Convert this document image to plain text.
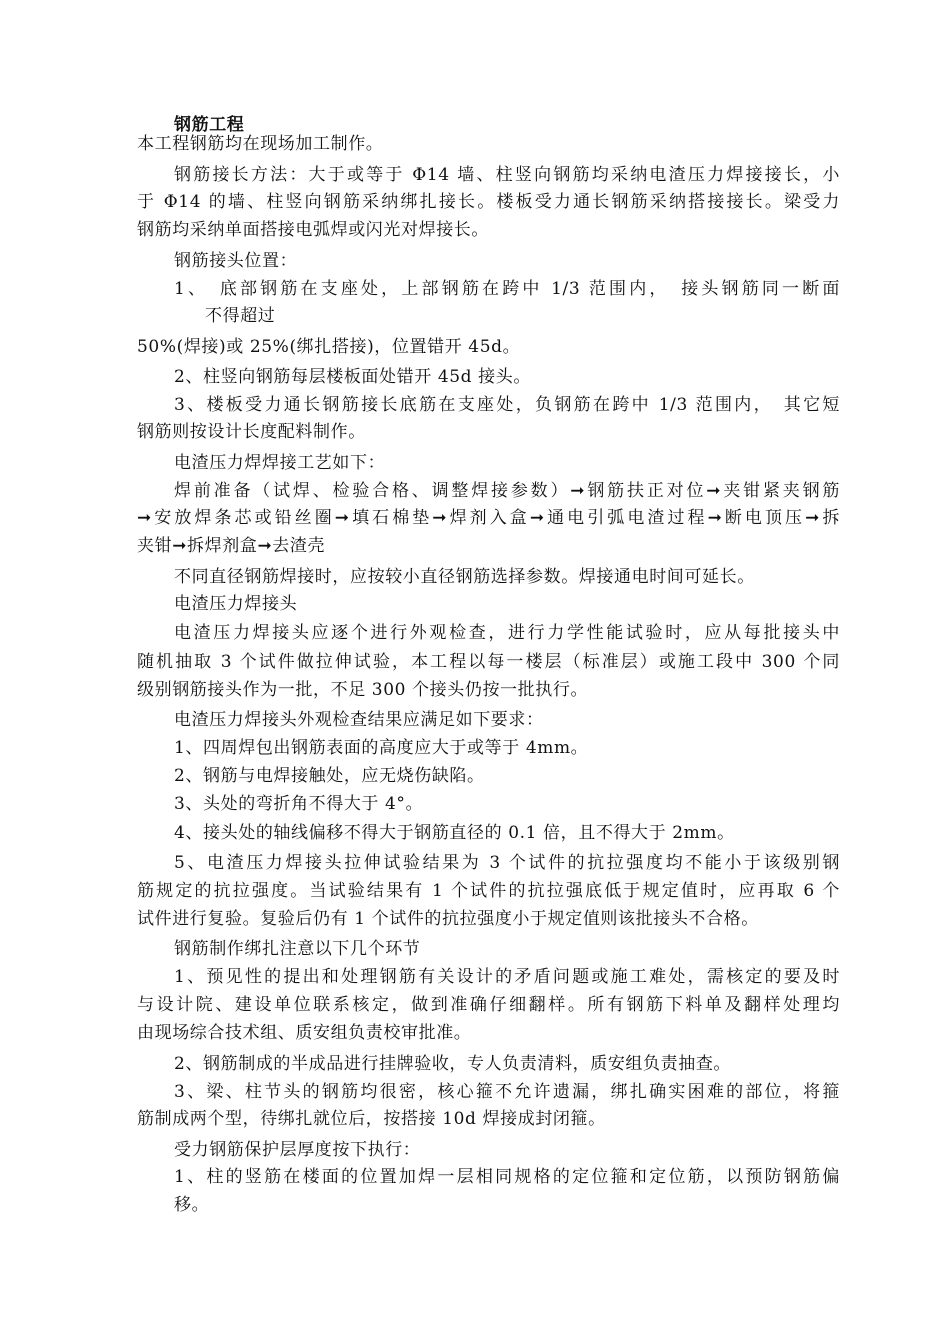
钢筋工程
本工程钢筋均在现场加工制作。
钢筋接长方法：大于或等于 Φ14 墙、柱竖向钢筋均采纳电渣压力焊接接长，小
于 Φ14 的墙、柱竖向钢筋采纳绑扎接长。楼板受力通长钢筋采纳搭接接长。梁受力
钢筋均采纳单面搭接电弧焊或闪光对焊接长。
钢筋接头位置：
1、　底部钢筋在支座处，上部钢筋在跨中 1/3 范围内，　接头钢筋同一断面
不得超过
50%(焊接)或 25%(绑扎搭接)，位置错开 45d。
2、柱竖向钢筋每层楼板面处错开 45d 接头。
3、楼板受力通长钢筋接长底筋在支座处，负钢筋在跨中 1/3 范围内，　其它短
钢筋则按设计长度配料制作。
电渣压力焊焊接工艺如下：
焊前准备（试焊、检验合格、调整焊接参数）➞钢筋扶正对位➞夹钳紧夹钢筋
➞安放焊条芯或铅丝圈➞填石棉垫➞焊剂入盒➞通电引弧电渣过程➞断电顶压➞拆
夹钳➞拆焊剂盒➞去渣壳
不同直径钢筋焊接时，应按较小直径钢筋选择参数。焊接通电时间可延长。
电渣压力焊接头
电渣压力焊接头应逐个进行外观检查，进行力学性能试验时，应从每批接头中
随机抽取 3 个试件做拉伸试验，本工程以每一楼层（标准层）或施工段中 300 个同
级别钢筋接头作为一批，不足 300 个接头仍按一批执行。
电渣压力焊接头外观检查结果应满足如下要求：
1、四周焊包出钢筋表面的高度应大于或等于 4mm。
2、钢筋与电焊接触处，应无烧伤缺陷。
3、头处的弯折角不得大于 4°。
4、接头处的轴线偏移不得大于钢筋直径的 0.1 倍，且不得大于 2mm。
5、电渣压力焊接头拉伸试验结果为 3 个试件的抗拉强度均不能小于该级别钢
筋规定的抗拉强度。当试验结果有 1 个试件的抗拉强底低于规定值时，应再取 6 个
试件进行复验。复验后仍有 1 个试件的抗拉强度小于规定值则该批接头不合格。
钢筋制作绑扎注意以下几个环节
1、预见性的提出和处理钢筋有关设计的矛盾问题或施工难处，需核定的要及时
与设计院、建设单位联系核定，做到准确仔细翻样。所有钢筋下料单及翻样处理均
由现场综合技术组、质安组负责校审批准。
2、钢筋制成的半成品进行挂牌验收，专人负责清料，质安组负责抽查。
3、梁、柱节头的钢筋均很密，核心箍不允许遗漏，绑扎确实困难的部位，将箍
筋制成两个型，待绑扎就位后，按搭接 10d 焊接成封闭箍。
受力钢筋保护层厚度按下执行：
1、柱的竖筋在楼面的位置加焊一层相同规格的定位箍和定位筋，以预防钢筋偏
移。
